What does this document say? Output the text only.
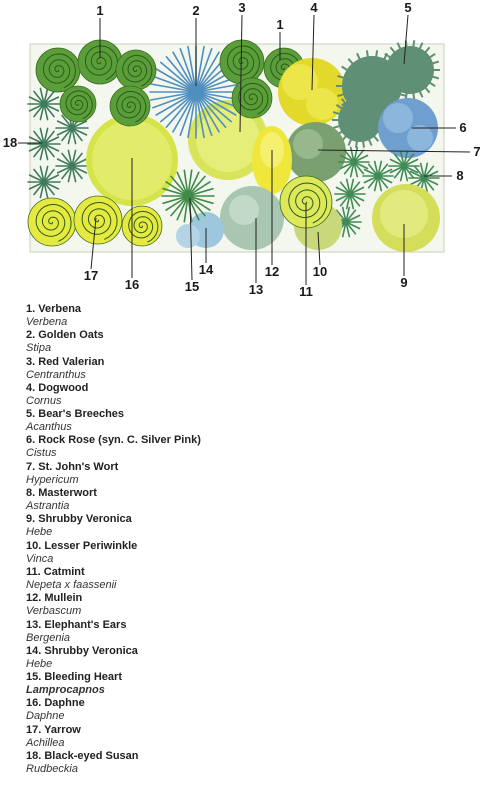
1	2	3
1
4	5
6
7
8
9
10
11
12
13
14
15
16
17
18
1. Verbena
Verbena
2. Golden Oats
Stipa
3. Red Valerian
Centranthus
4. Dogwood
Cornus
5. Bear's Breeches
Acanthus
6. Rock Rose (syn. C. Silver Pink)
Cistus
7. St. John's Wort
Hypericum
8. Masterwort
Astrantia
9. Shrubby Veronica
Hebe
10. Lesser Periwinkle
Vinca
11. Catmint
Nepeta x faassenii
12. Mullein
Verbascum
13. Elephant's Ears
Bergenia
14. Shrubby Veronica
Hebe
15. Bleeding Heart
Lamprocapnos
16. Daphne
Daphne
17. Yarrow
Achillea
18. Black-eyed Susan
Rudbeckia
